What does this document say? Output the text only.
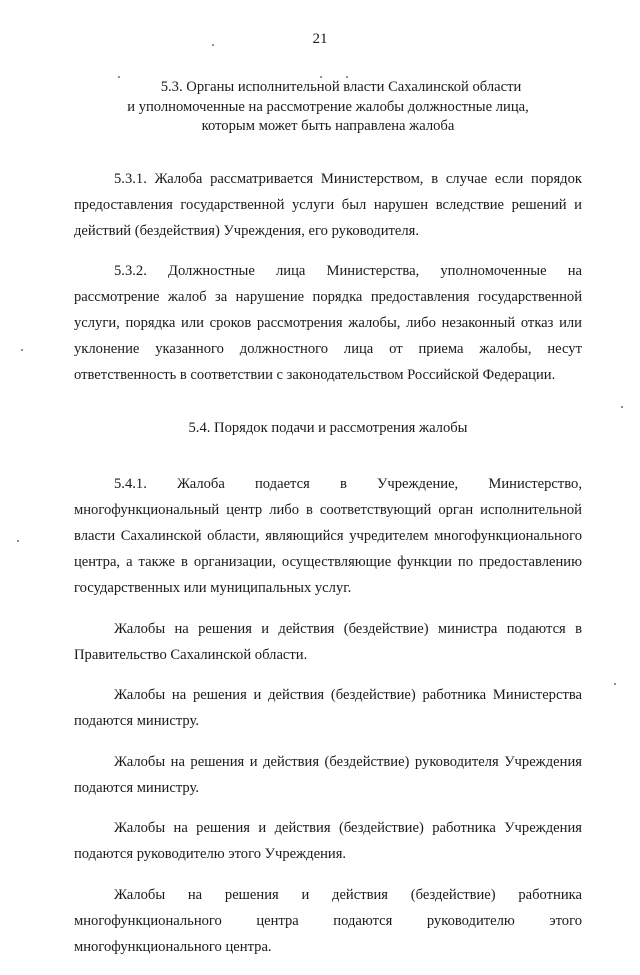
21
5.3. Органы исполнительной власти Сахалинской области
и уполномоченные на рассмотрение жалобы должностные лица,
которым может быть направлена жалоба

5.3.1. Жалоба рассматривается Министерством, в случае если порядок предоставления государственной услуги был нарушен вследствие решений и действий (бездействия) Учреждения, его руководителя.

5.3.2. Должностные лица Министерства, уполномоченные на рассмотрение жалоб за нарушение порядка предоставления государственной услуги, порядка или сроков рассмотрения жалобы, либо незаконный отказ или уклонение указанного должностного лица от приема жалобы, несут ответственность в соответствии с законодательством Российской Федерации.

5.4. Порядок подачи и рассмотрения жалобы

5.4.1. Жалоба подается в Учреждение, Министерство, многофункциональный центр либо в соответствующий орган исполнительной власти Сахалинской области, являющийся учредителем многофункционального центра, а также в организации, осуществляющие функции по предоставлению государственных или муниципальных услуг.

Жалобы на решения и действия (бездействие) министра подаются в Правительство Сахалинской области.

Жалобы на решения и действия (бездействие) работника Министерства подаются министру.

Жалобы на решения и действия (бездействие) руководителя Учреждения подаются министру.

Жалобы на решения и действия (бездействие) работника Учреждения подаются руководителю этого Учреждения.

Жалобы на решения и действия (бездействие) работника многофункционального центра подаются руководителю этого многофункционального центра.
